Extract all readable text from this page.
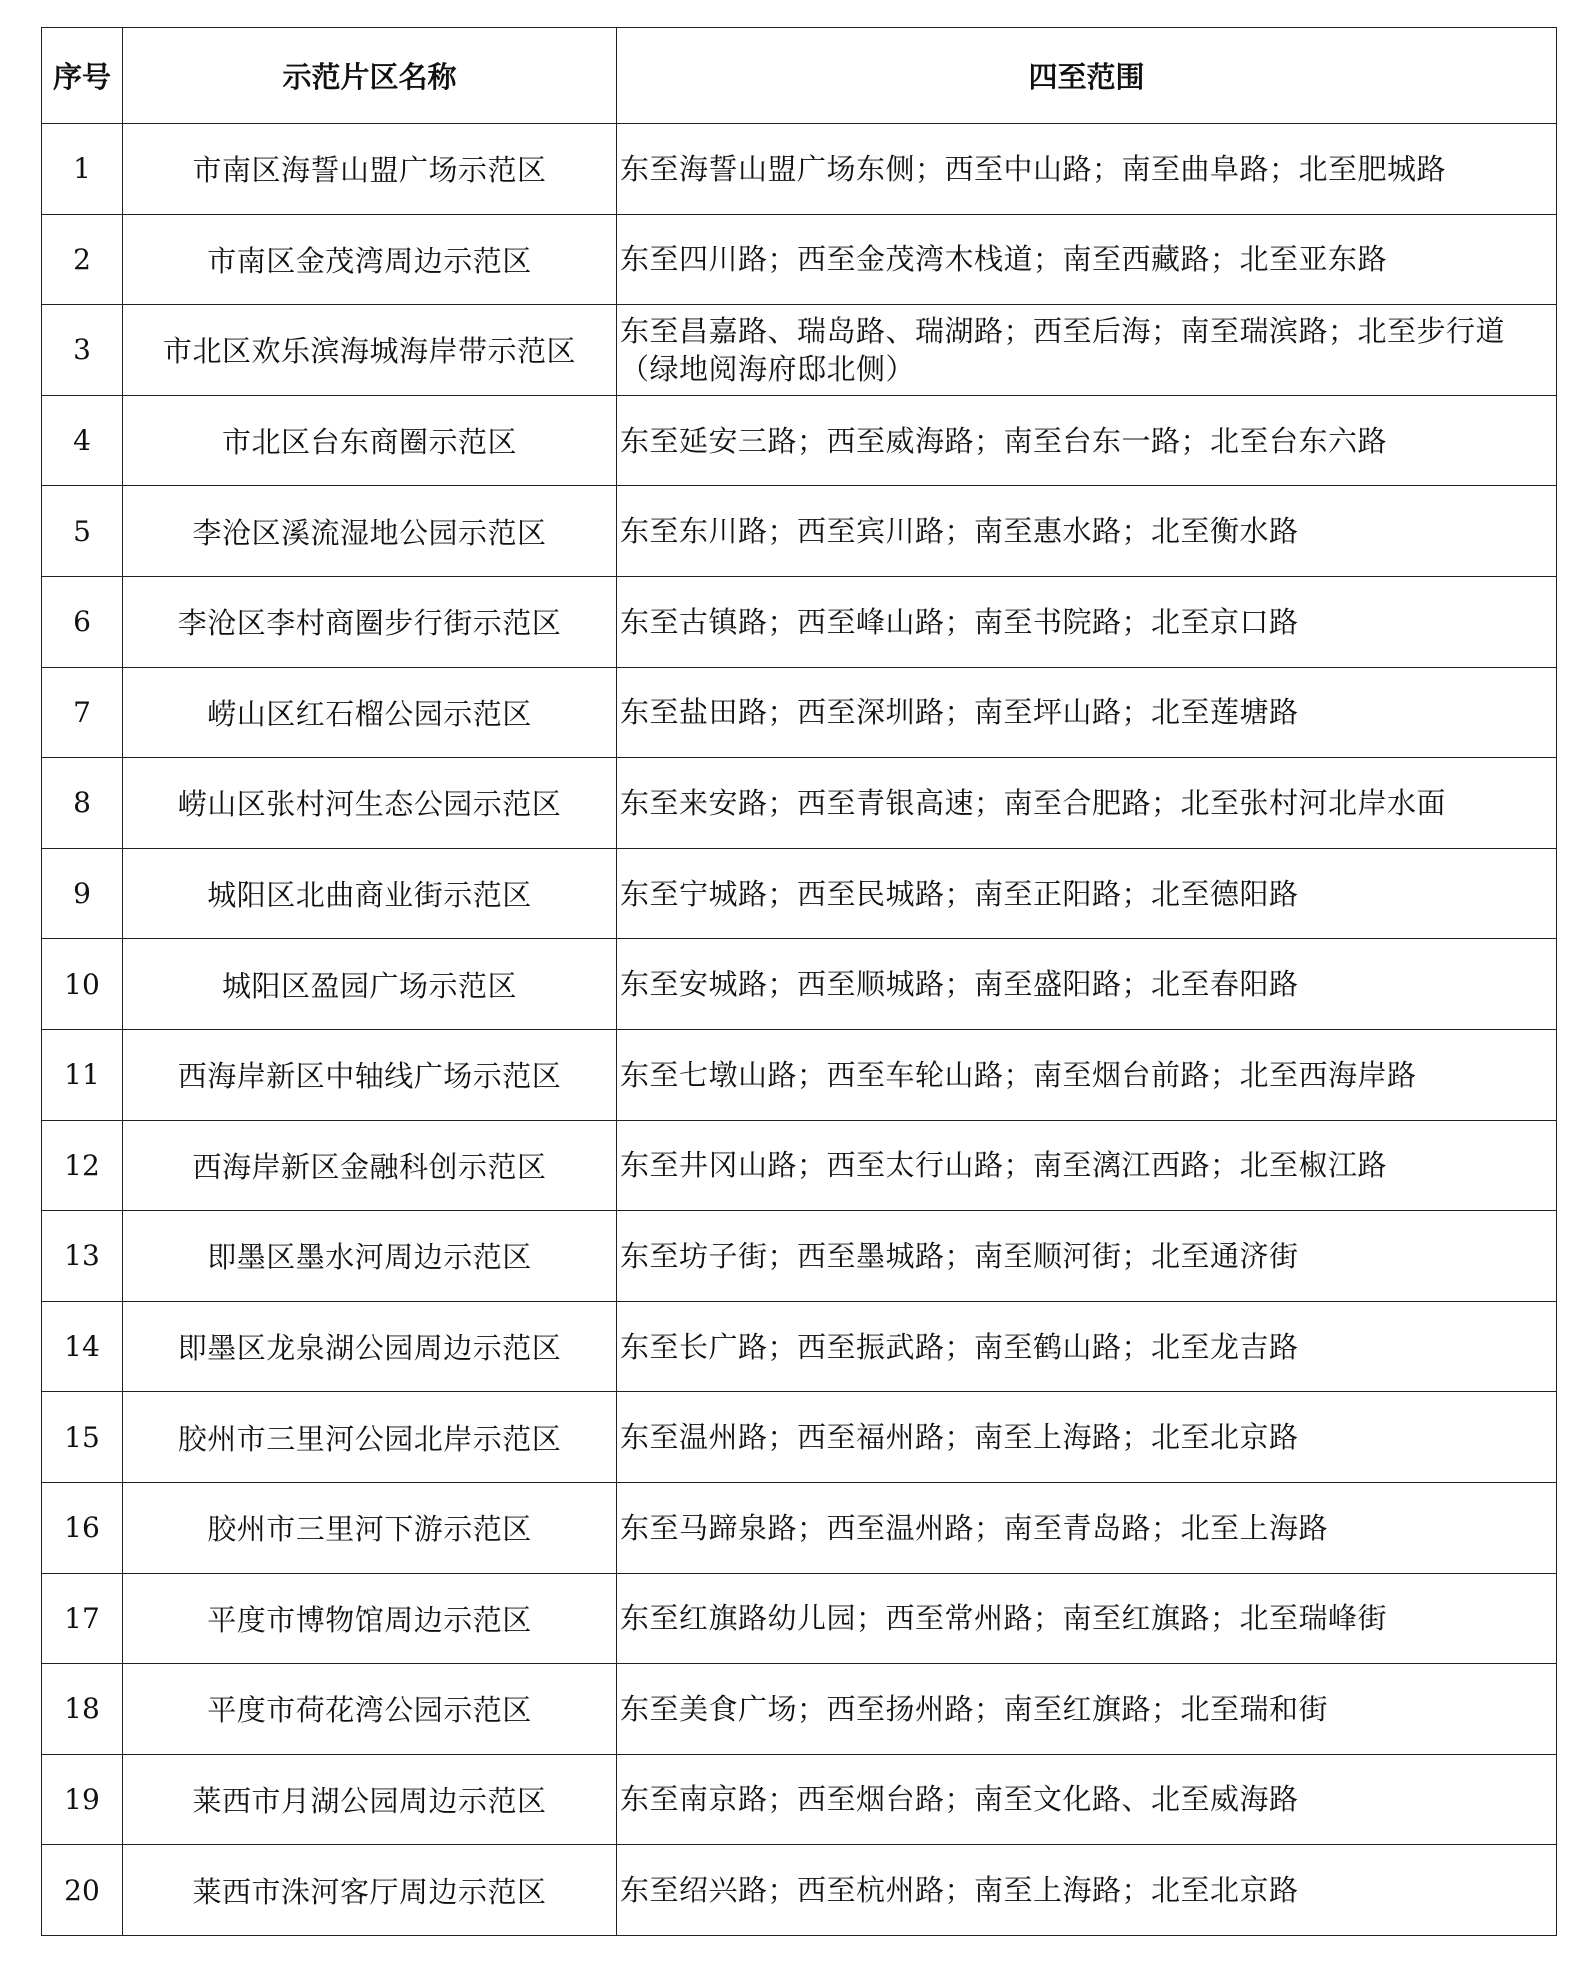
序号	示范片区名称	四至范围
1	市南区海誓山盟广场示范区	东至海誓山盟广场东侧；西至中山路；南至曲阜路；北至肥城路
2	市南区金茂湾周边示范区	东至四川路；西至金茂湾木栈道；南至西藏路；北至亚东路
3	市北区欢乐滨海城海岸带示范区	东至昌嘉路、瑞岛路、瑞湖路；西至后海；南至瑞滨路；北至步行道（绿地阅海府邸北侧）
4	市北区台东商圈示范区	东至延安三路；西至威海路；南至台东一路；北至台东六路
5	李沧区溪流湿地公园示范区	东至东川路；西至宾川路；南至惠水路；北至衡水路
6	李沧区李村商圈步行街示范区	东至古镇路；西至峰山路；南至书院路；北至京口路
7	崂山区红石榴公园示范区	东至盐田路；西至深圳路；南至坪山路；北至莲塘路
8	崂山区张村河生态公园示范区	东至来安路；西至青银高速；南至合肥路；北至张村河北岸水面
9	城阳区北曲商业街示范区	东至宁城路；西至民城路；南至正阳路；北至德阳路
10	城阳区盈园广场示范区	东至安城路；西至顺城路；南至盛阳路；北至春阳路
11	西海岸新区中轴线广场示范区	东至七墩山路；西至车轮山路；南至烟台前路；北至西海岸路
12	西海岸新区金融科创示范区	东至井冈山路；西至太行山路；南至漓江西路；北至椒江路
13	即墨区墨水河周边示范区	东至坊子街；西至墨城路；南至顺河街；北至通济街
14	即墨区龙泉湖公园周边示范区	东至长广路；西至振武路；南至鹤山路；北至龙吉路
15	胶州市三里河公园北岸示范区	东至温州路；西至福州路；南至上海路；北至北京路
16	胶州市三里河下游示范区	东至马蹄泉路；西至温州路；南至青岛路；北至上海路
17	平度市博物馆周边示范区	东至红旗路幼儿园；西至常州路；南至红旗路；北至瑞峰街
18	平度市荷花湾公园示范区	东至美食广场；西至扬州路；南至红旗路；北至瑞和街
19	莱西市月湖公园周边示范区	东至南京路；西至烟台路；南至文化路、北至威海路
20	莱西市洙河客厅周边示范区	东至绍兴路；西至杭州路；南至上海路；北至北京路
